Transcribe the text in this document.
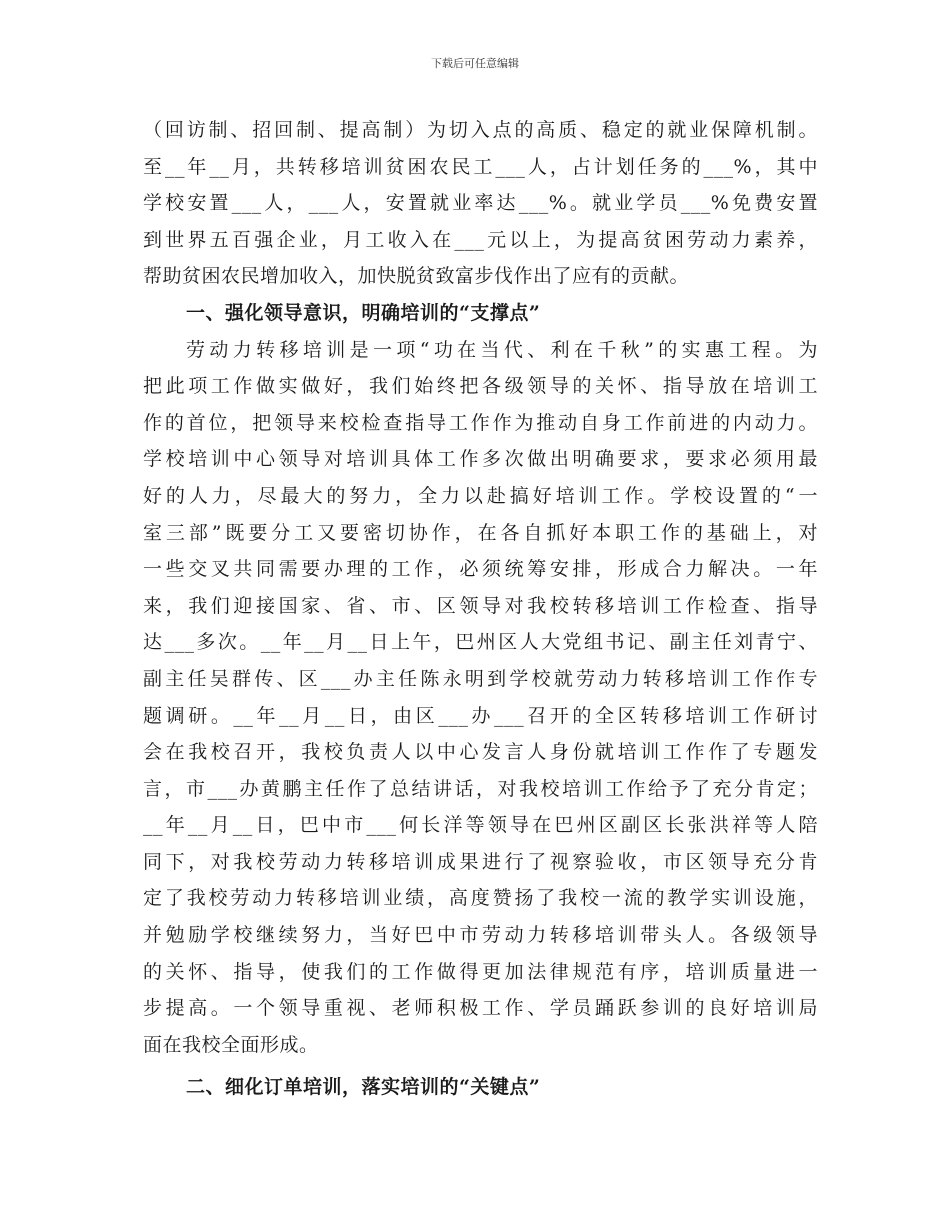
下载后可任意编辑

（回访制、招回制、提高制）为切入点的高质、稳定的就业保障机制。

至__年__月，共转移培训贫困农民工___人，占计划任务的___%，其中

学校安置___人，___人，安置就业率达___%。就业学员___%免费安置

到世界五百强企业，月工收入在___元以上，为提高贫困劳动力素养，

帮助贫困农民增加收入，加快脱贫致富步伐作出了应有的贡献。

一、强化领导意识，明确培训的“支撑点”

劳动力转移培训是一项“功在当代、利在千秋”的实惠工程。为

把此项工作做实做好，我们始终把各级领导的关怀、指导放在培训工

作的首位，把领导来校检查指导工作作为推动自身工作前进的内动力。

学校培训中心领导对培训具体工作多次做出明确要求，要求必须用最

好的人力，尽最大的努力，全力以赴搞好培训工作。学校设置的“一

室三部”既要分工又要密切协作，在各自抓好本职工作的基础上，对

一些交叉共同需要办理的工作，必须统筹安排，形成合力解决。一年

来，我们迎接国家、省、市、区领导对我校转移培训工作检查、指导

达___多次。__年__月__日上午，巴州区人大党组书记、副主任刘青宁、

副主任吴群传、区___办主任陈永明到学校就劳动力转移培训工作作专

题调研。__年__月__日，由区___办___召开的全区转移培训工作研讨

会在我校召开，我校负责人以中心发言人身份就培训工作作了专题发

言，市___办黄鹏主任作了总结讲话，对我校培训工作给予了充分肯定；

__年__月__日，巴中市___何长洋等领导在巴州区副区长张洪祥等人陪

同下，对我校劳动力转移培训成果进行了视察验收，市区领导充分肯

定了我校劳动力转移培训业绩，高度赞扬了我校一流的教学实训设施，

并勉励学校继续努力，当好巴中市劳动力转移培训带头人。各级领导

的关怀、指导，使我们的工作做得更加法律规范有序，培训质量进一

步提高。一个领导重视、老师积极工作、学员踊跃参训的良好培训局

面在我校全面形成。

二、细化订单培训，落实培训的“关键点”
